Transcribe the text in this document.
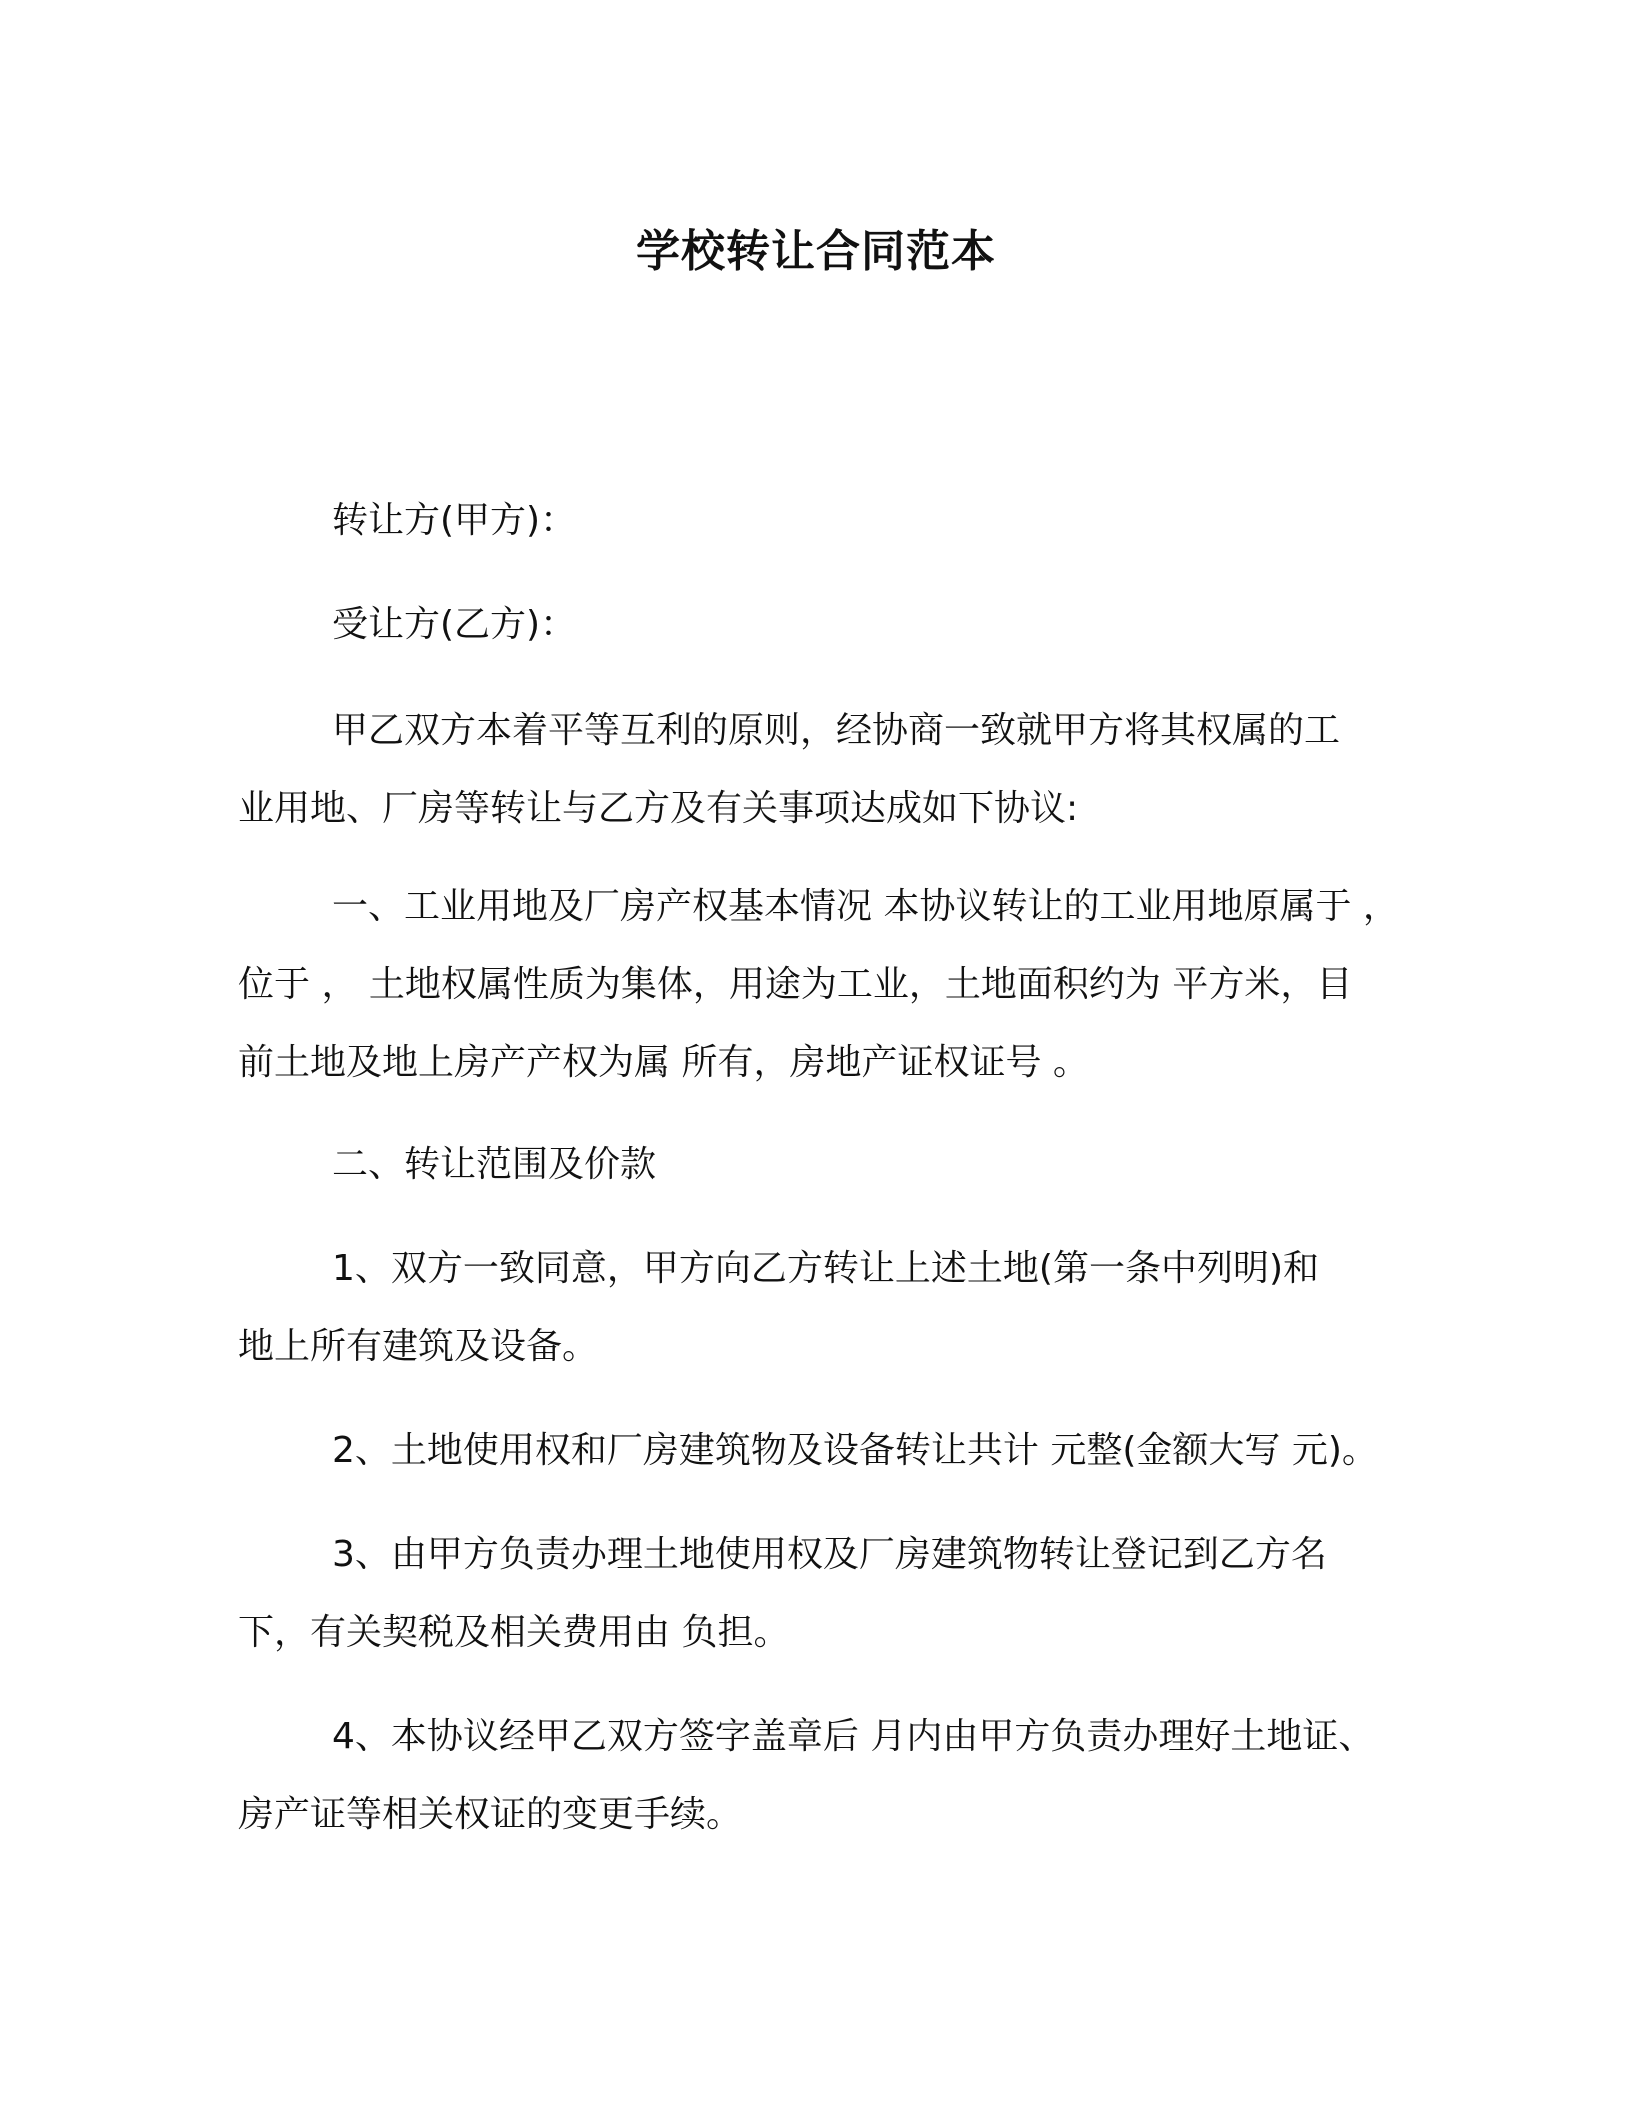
学校转让合同范本

转让方(甲方)：

受让方(乙方)：

甲乙双方本着平等互利的原则，经协商一致就甲方将其权属的工
业用地、厂房等转让与乙方及有关事项达成如下协议:

一、工业用地及厂房产权基本情况 本协议转让的工业用地原属于 ，
位于 ， 土地权属性质为集体，用途为工业，土地面积约为 平方米，目
前土地及地上房产产权为属 所有，房地产证权证号 。

二、转让范围及价款

1、双方一致同意，甲方向乙方转让上述土地(第一条中列明)和
地上所有建筑及设备。

2、土地使用权和厂房建筑物及设备转让共计 元整(金额大写 元)。

3、由甲方负责办理土地使用权及厂房建筑物转让登记到乙方名
下，有关契税及相关费用由 负担。

4、本协议经甲乙双方签字盖章后 月内由甲方负责办理好土地证、
房产证等相关权证的变更手续。
